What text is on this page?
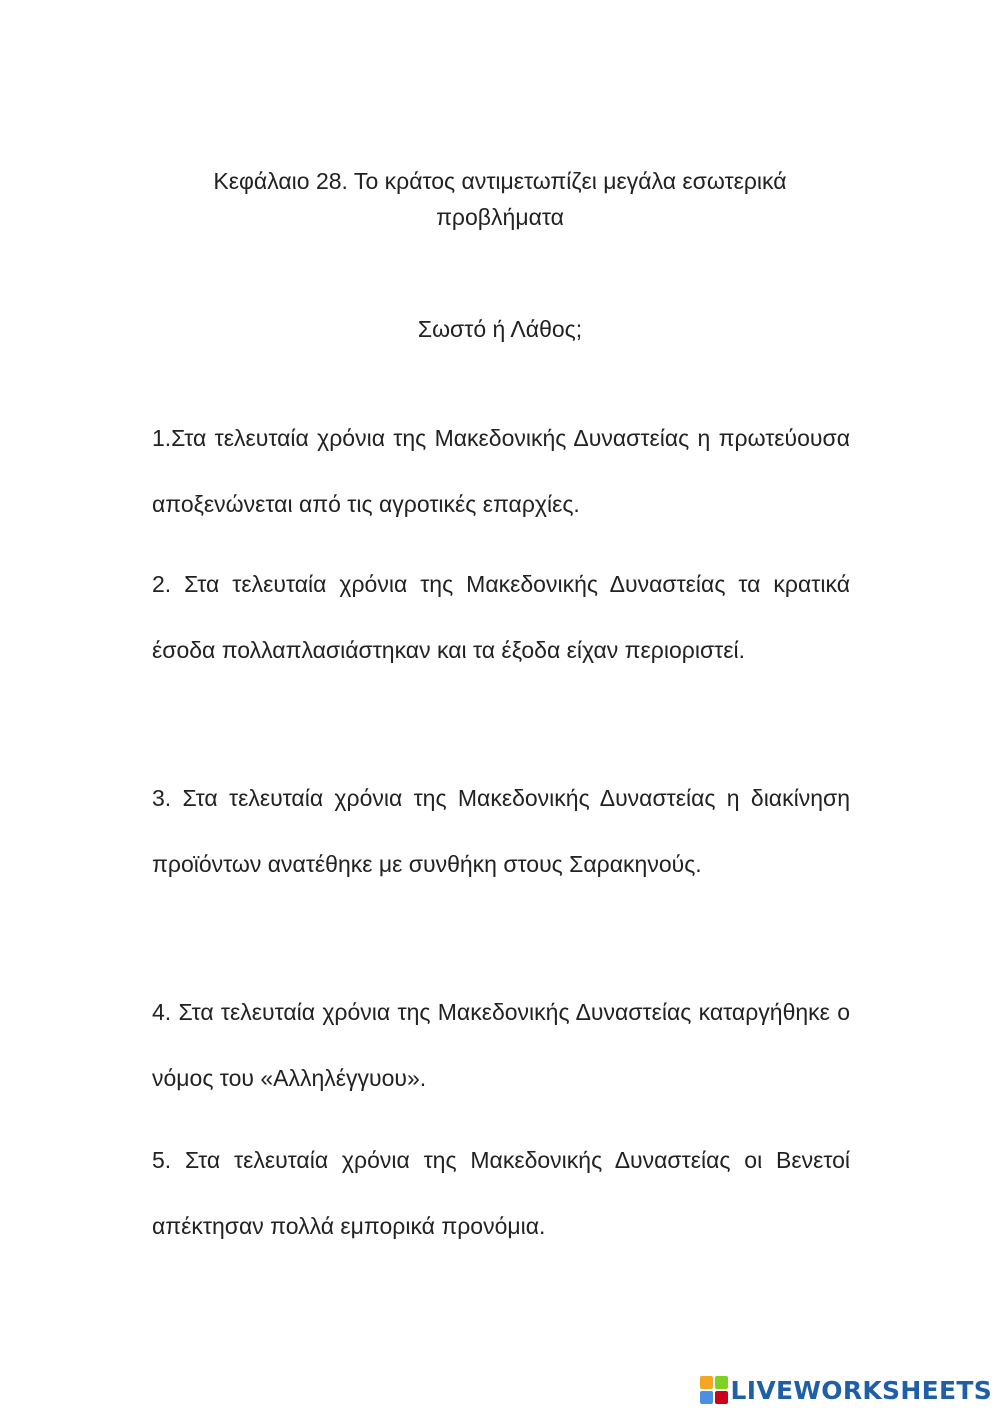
Κεφάλαιο 28. Το κράτος αντιμετωπίζει μεγάλα εσωτερικά
προβλήματα
Σωστό ή Λάθος;

1.Στα τελευταία χρόνια της Μακεδονικής Δυναστείας η πρωτεύουσα αποξενώνεται από τις αγροτικές επαρχίες.

2. Στα τελευταία χρόνια της Μακεδονικής Δυναστείας τα κρατικά έσοδα πολλαπλασιάστηκαν και τα έξοδα είχαν περιοριστεί.

3. Στα τελευταία χρόνια της Μακεδονικής Δυναστείας η διακίνηση προϊόντων ανατέθηκε με συνθήκη στους Σαρακηνούς.

4. Στα τελευταία χρόνια της Μακεδονικής Δυναστείας καταργήθηκε ο νόμος του «Αλληλέγγυου».

5. Στα τελευταία χρόνια της Μακεδονικής Δυναστείας οι Βενετοί απέκτησαν πολλά εμπορικά προνόμια.

LIVEWORKSHEETS
